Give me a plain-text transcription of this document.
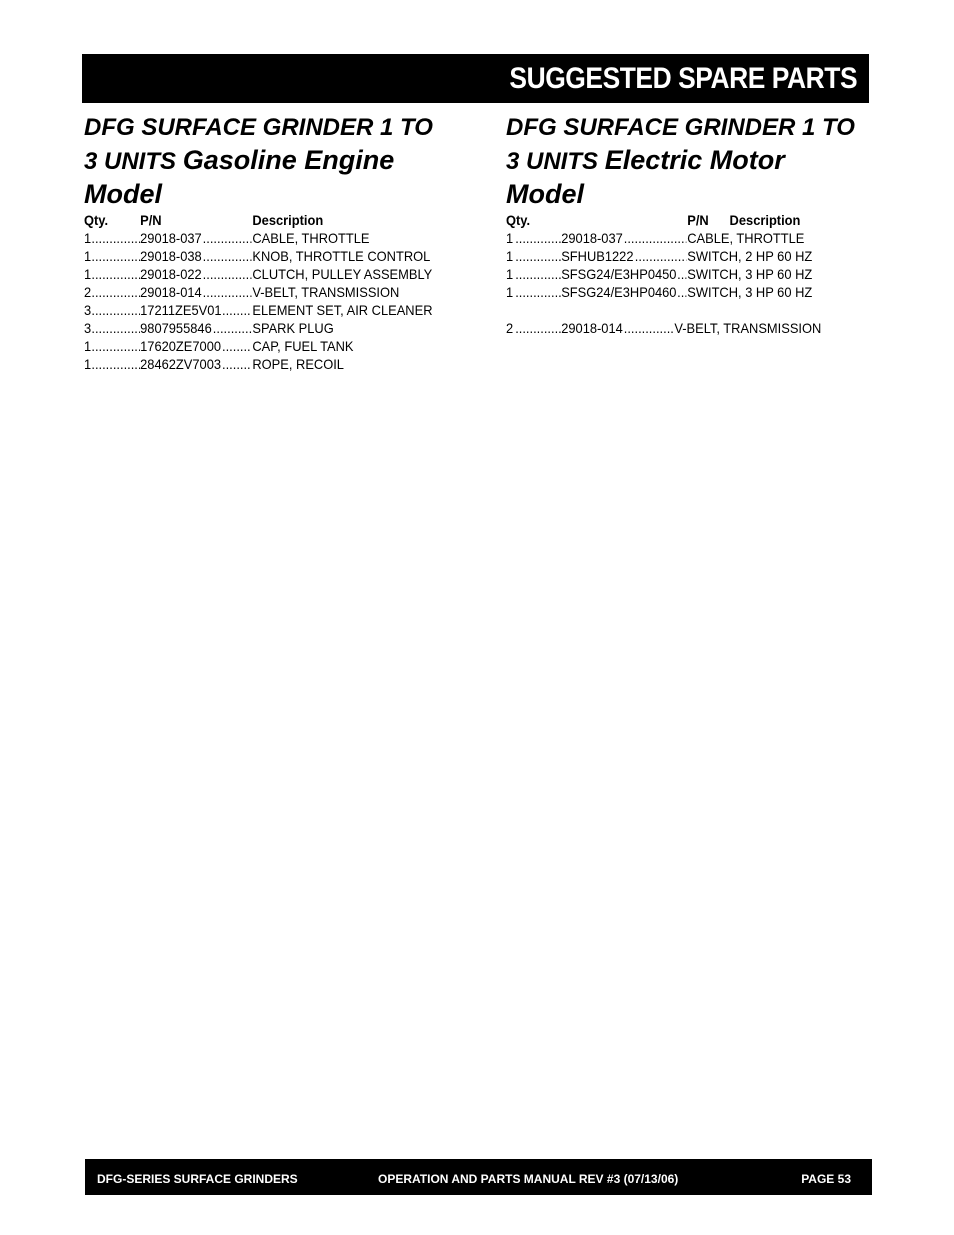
SUGGESTED SPARE PARTS
DFG SURFACE GRINDER 1 TO
3 UNITS Gasoline Engine
Model
Qty. P/N	Description
1 .....	29018-037 .....	CABLE, THROTTLE
1 .....	29018-038 .....	KNOB, THROTTLE CONTROL
1 .....	29018-022 .....	CLUTCH, PULLEY ASSEMBLY
2 .....	29018-014 .....	V-BELT, TRANSMISSION
3 .....	17211ZE5V01 ..... ELEMENT SET, AIR CLEANER
3 .....	9807955846 .....	SPARK PLUG
1 .....	17620ZE7000 ..... CAP, FUEL TANK
1 .....	28462ZV7003 ..... ROPE, RECOIL
DFG SURFACE GRINDER 1 TO
3 UNITS Electric Motor
Model
Qty.	P/N Description
1 .....	29018-037 .....	CABLE, THROTTLE
1 .....	SFHUB1222 .....	SWITCH, 2 HP 60 HZ
1 .....	SFSG24/E3HP0450 ..... SWITCH, 3 HP 60 HZ
1 .....	SFSG24/E3HP0460 ..... SWITCH, 3 HP 60 HZ
2 .....	29018-014 .....	V-BELT, TRANSMISSION
DFG-SERIES SURFACE GRINDERS	OPERATION AND PARTS MANUAL REV #3 (07/13/06)	PAGE 53
